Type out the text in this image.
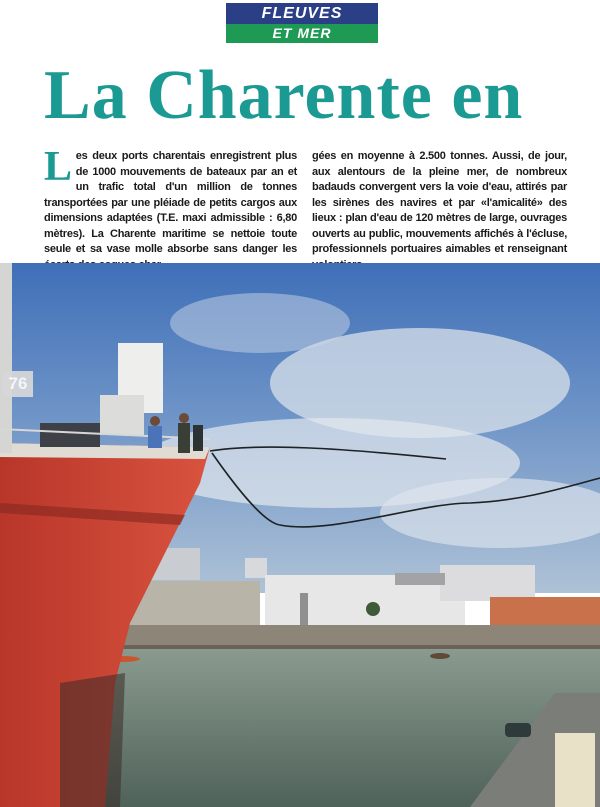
FLEUVES
ET MER
La Charente en
Les deux ports charentais enregistrent plus de 1000 mouvements de bateaux par an et un trafic total d'un million de tonnes transportées par une pléiade de petits cargos aux dimensions adaptées (T.E. maxi admissible : 6,80 mètres). La Charente maritime se nettoie toute seule et sa vase molle absorbe sans danger les
gées en moyenne à 2.500 tonnes. Aussi, de jour, aux alentours de la pleine mer, de nombreux badauds convergent vers la voie d'eau, attirés par les sirènes des navires et par «l'amicalité» des lieux : plan d'eau de 120 mètres de large, ouvrages ouverts au public, mouvements affichés à l'écluse, professionnels portuaires aimables et renseignant
76
